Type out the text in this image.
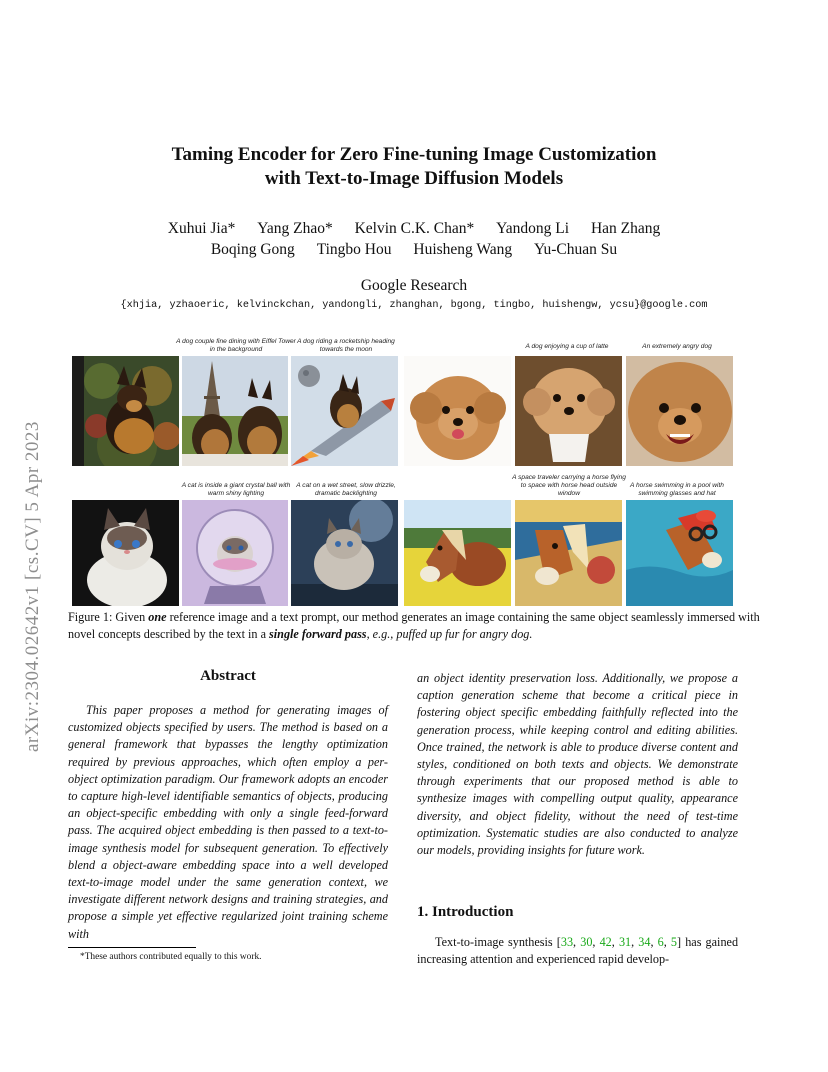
arXiv:2304.02642v1 [cs.CV] 5 Apr 2023
Taming Encoder for Zero Fine-tuning Image Customization
with Text-to-Image Diffusion Models
Xuhui Jia* Yang Zhao* Kelvin C.K. Chan* Yandong Li Han Zhang
Boqing Gong Tingbo Hou Huisheng Wang Yu-Chuan Su
Google Research
{xhjia, yzhaoeric, kelvinckchan, yandongli, zhanghan, bgong, tingbo, huishengw, ycsu}@google.com
A dog couple fine dining with Eiffel Tower in the background
A dog riding a rocketship heading towards the moon	A dog enjoying a cup of latte	An extremely angry dog
A cat is inside a giant crystal ball with warm shiny lighting
A cat on a wet street, slow drizzle, dramatic backlighting
A space traveler carrying a horse flying to space with horse head outside window
A horse swimming in a pool with swimming glasses and hat
Figure 1: Given one reference image and a text prompt, our method generates an image containing the same object seamlessly immersed with novel concepts described by the text in a single forward pass, e.g., puffed up fur for angry dog.
Abstract
This paper proposes a method for generating images of customized objects specified by users. The method is based on a general framework that bypasses the lengthy optimization required by previous approaches, which often employ a per-object optimization paradigm. Our framework adopts an encoder to capture high-level identifiable semantics of objects, producing an object-specific embedding with only a single feed-forward pass. The acquired object embedding is then passed to a text-to-image synthesis model for subsequent generation. To effectively blend a object-aware embedding space into a well developed text-to-image model under the same generation context, we investigate different network designs and training strategies, and propose a simple yet effective regularized joint training scheme with
an object identity preservation loss. Additionally, we propose a caption generation scheme that become a critical piece in fostering object specific embedding faithfully reflected into the generation process, while keeping control and editing abilities. Once trained, the network is able to produce diverse content and styles, conditioned on both texts and objects. We demonstrate through experiments that our proposed method is able to synthesize images with compelling output quality, appearance diversity, and object fidelity, without the need of test-time optimization. Systematic studies are also conducted to analyze our models, providing insights for future work.
1. Introduction
Text-to-image synthesis [33, 30, 42, 31, 34, 6, 5] has gained increasing attention and experienced rapid develop-
*These authors contributed equally to this work.
